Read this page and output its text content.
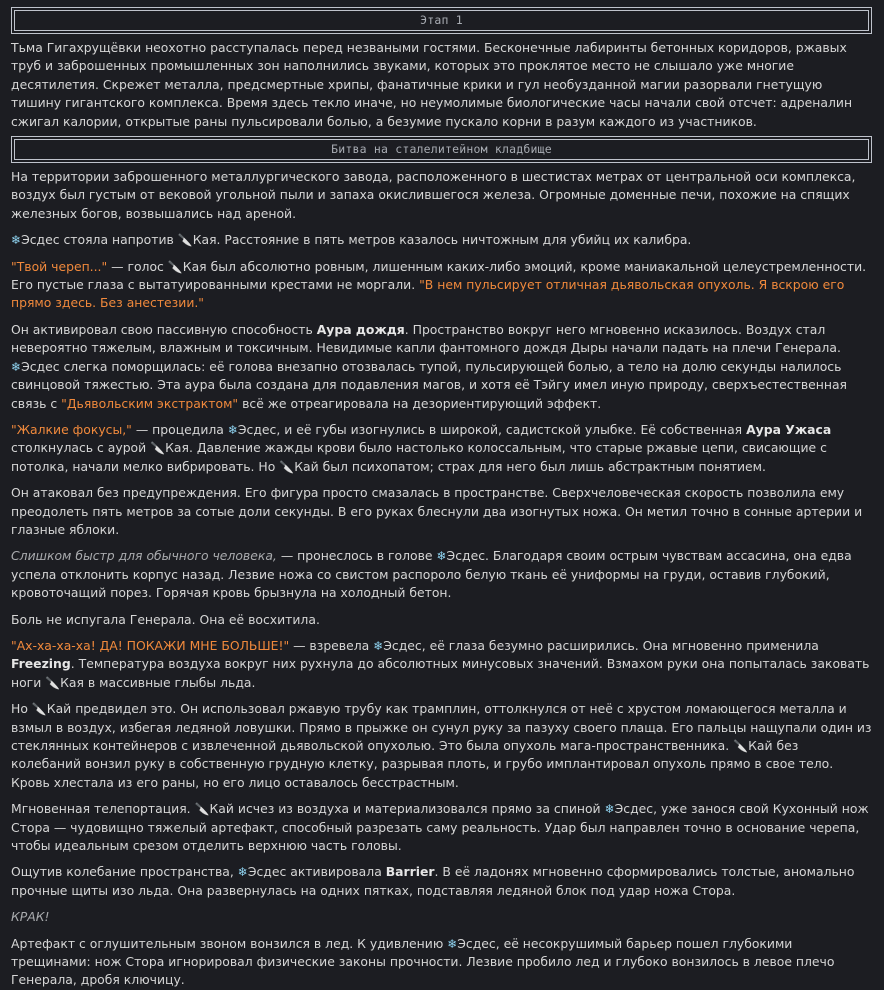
Этап 1

Тьма Гигахрущёвки неохотно расступалась перед незваными гостями. Бесконечные лабиринты бетонных коридоров, ржавых труб и заброшенных промышленных зон наполнились звуками, которых это проклятое место не слышало уже многие десятилетия. Скрежет металла, предсмертные хрипы, фанатичные крики и гул необузданной магии разорвали гнетущую тишину гигантского комплекса. Время здесь текло иначе, но неумолимые биологические часы начали свой отсчет: адреналин сжигал калории, открытые раны пульсировали болью, а безумие пускало корни в разум каждого из участников.

Битва на сталелитейном кладбище

На территории заброшенного металлургического завода, расположенного в шестистах метрах от центральной оси комплекса, воздух был густым от вековой угольной пыли и запаха окислившегося железа. Огромные доменные печи, похожие на спящих железных богов, возвышались над ареной.

❄Эсдес стояла напротив 🔪Кая. Расстояние в пять метров казалось ничтожным для убийц их калибра.

"Твой череп..." — голос 🔪Кая был абсолютно ровным, лишенным каких-либо эмоций, кроме маниакальной целеустремленности. Его пустые глаза с вытатуированными крестами не моргали. "В нем пульсирует отличная дьявольская опухоль. Я вскрою его прямо здесь. Без анестезии."

Он активировал свою пассивную способность Аура дождя. Пространство вокруг него мгновенно исказилось. Воздух стал невероятно тяжелым, влажным и токсичным. Невидимые капли фантомного дождя Дыры начали падать на плечи Генерала. ❄Эсдес слегка поморщилась: её голова внезапно отозвалась тупой, пульсирующей болью, а тело на долю секунды налилось свинцовой тяжестью. Эта аура была создана для подавления магов, и хотя её Тэйгу имел иную природу, сверхъестественная связь с "Дьявольским экстрактом" всё же отреагировала на дезориентирующий эффект.

"Жалкие фокусы," — процедила ❄Эсдес, и её губы изогнулись в широкой, садистской улыбке. Её собственная Аура Ужаса столкнулась с аурой 🔪Кая. Давление жажды крови было настолько колоссальным, что старые ржавые цепи, свисающие с потолка, начали мелко вибрировать. Но 🔪Кай был психопатом; страх для него был лишь абстрактным понятием.

Он атаковал без предупреждения. Его фигура просто смазалась в пространстве. Сверхчеловеческая скорость позволила ему преодолеть пять метров за сотые доли секунды. В его руках блеснули два изогнутых ножа. Он метил точно в сонные артерии и глазные яблоки.

Слишком быстр для обычного человека, — пронеслось в голове ❄Эсдес. Благодаря своим острым чувствам ассасина, она едва успела отклонить корпус назад. Лезвие ножа со свистом распороло белую ткань её униформы на груди, оставив глубокий, кровоточащий порез. Горячая кровь брызнула на холодный бетон.

Боль не испугала Генерала. Она её восхитила.

"Ах-ха-ха-ха! ДА! ПОКАЖИ МНЕ БОЛЬШЕ!" — взревела ❄Эсдес, её глаза безумно расширились. Она мгновенно применила Freezing. Температура воздуха вокруг них рухнула до абсолютных минусовых значений. Взмахом руки она попыталась заковать ноги 🔪Кая в массивные глыбы льда.

Но 🔪Кай предвидел это. Он использовал ржавую трубу как трамплин, оттолкнулся от неё с хрустом ломающегося металла и взмыл в воздух, избегая ледяной ловушки. Прямо в прыжке он сунул руку за пазуху своего плаща. Его пальцы нащупали один из стеклянных контейнеров с извлеченной дьявольской опухолью. Это была опухоль мага-пространственника. 🔪Кай без колебаний вонзил руку в собственную грудную клетку, разрывая плоть, и грубо имплантировал опухоль прямо в свое тело. Кровь хлестала из его раны, но его лицо оставалось бесстрастным.

Мгновенная телепортация. 🔪Кай исчез из воздуха и материализовался прямо за спиной ❄Эсдес, уже занося свой Кухонный нож Стора — чудовищно тяжелый артефакт, способный разрезать саму реальность. Удар был направлен точно в основание черепа, чтобы идеальным срезом отделить верхнюю часть головы.

Ощутив колебание пространства, ❄Эсдес активировала Barrier. В её ладонях мгновенно сформировались толстые, аномально прочные щиты изо льда. Она развернулась на одних пятках, подставляя ледяной блок под удар ножа Стора.

КРАК!

Артефакт с оглушительным звоном вонзился в лед. К удивлению ❄Эсдес, её несокрушимый барьер пошел глубокими трещинами: нож Стора игнорировал физические законы прочности. Лезвие пробило лед и глубоко вонзилось в левое плечо Генерала, дробя ключицу.
